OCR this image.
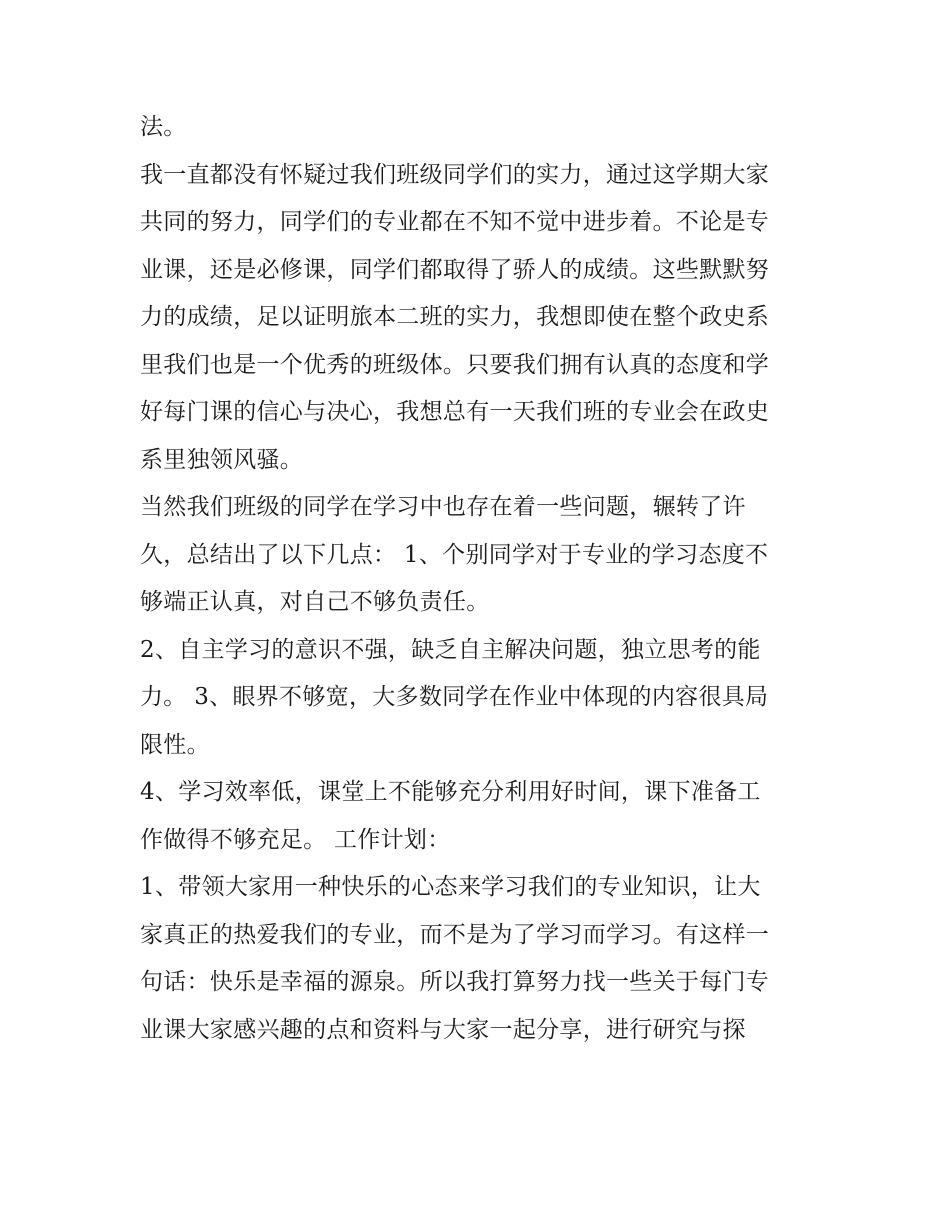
法。
我一直都没有怀疑过我们班级同学们的实力，通过这学期大家
共同的努力，同学们的专业都在不知不觉中进步着。不论是专
业课，还是必修课，同学们都取得了骄人的成绩。这些默默努
力的成绩，足以证明旅本二班的实力，我想即使在整个政史系
里我们也是一个优秀的班级体。只要我们拥有认真的态度和学
好每门课的信心与决心，我想总有一天我们班的专业会在政史
系里独领风骚。
当然我们班级的同学在学习中也存在着一些问题，辗转了许
久，总结出了以下几点： 1、个别同学对于专业的学习态度不
够端正认真，对自己不够负责任。
2、自主学习的意识不强，缺乏自主解决问题，独立思考的能
力。 3、眼界不够宽，大多数同学在作业中体现的内容很具局
限性。
4、学习效率低，课堂上不能够充分利用好时间，课下准备工
作做得不够充足。 工作计划：
1、带领大家用一种快乐的心态来学习我们的专业知识，让大
家真正的热爱我们的专业，而不是为了学习而学习。有这样一
句话：快乐是幸福的源泉。所以我打算努力找一些关于每门专
业课大家感兴趣的点和资料与大家一起分享，进行研究与探
